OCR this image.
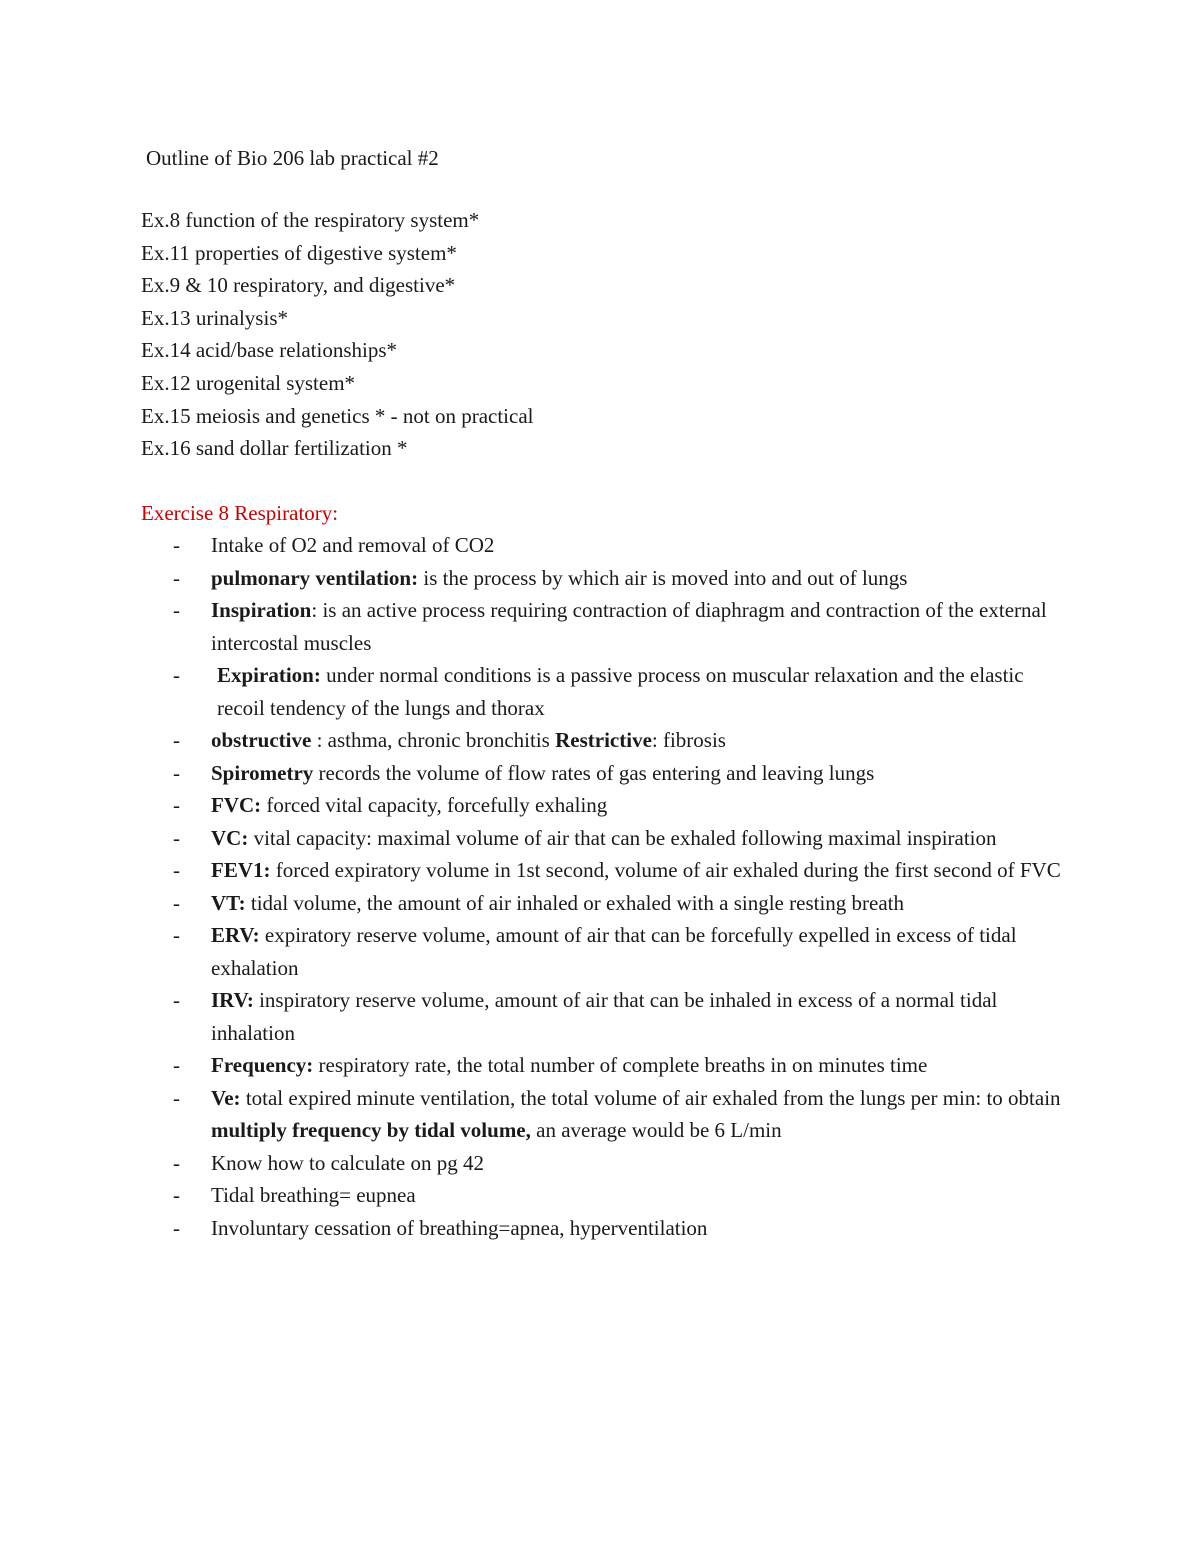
Outline of Bio 206 lab practical #2
Ex.8 function of the respiratory system*
Ex.11 properties of digestive system*
Ex.9 & 10 respiratory, and digestive*
Ex.13 urinalysis*
Ex.14 acid/base relationships*
Ex.12 urogenital system*
Ex.15 meiosis and genetics * - not on practical
Ex.16 sand dollar fertilization *
Exercise 8 Respiratory:
-	Intake of O2 and removal of CO2
-	pulmonary ventilation: is the process by which air is moved into and out of lungs
-	Inspiration: is an active process requiring contraction of diaphragm and contraction of the external intercostal muscles
-	Expiration: under normal conditions is a passive process on muscular relaxation and the elastic recoil tendency of the lungs and thorax
-	obstructive : asthma, chronic bronchitis Restrictive: fibrosis
-	Spirometry records the volume of flow rates of gas entering and leaving lungs
-	FVC: forced vital capacity, forcefully exhaling
-	VC: vital capacity: maximal volume of air that can be exhaled following maximal inspiration
-	FEV1: forced expiratory volume in 1st second, volume of air exhaled during the first second of FVC
-	VT: tidal volume, the amount of air inhaled or exhaled with a single resting breath
-	ERV: expiratory reserve volume, amount of air that can be forcefully expelled in excess of tidal exhalation
-	IRV: inspiratory reserve volume, amount of air that can be inhaled in excess of a normal tidal inhalation
-	Frequency: respiratory rate, the total number of complete breaths in on minutes time
-	Ve: total expired minute ventilation, the total volume of air exhaled from the lungs per min: to obtain multiply frequency by tidal volume, an average would be 6 L/min
-	Know how to calculate on pg 42
-	Tidal breathing= eupnea
-	Involuntary cessation of breathing=apnea, hyperventilation
